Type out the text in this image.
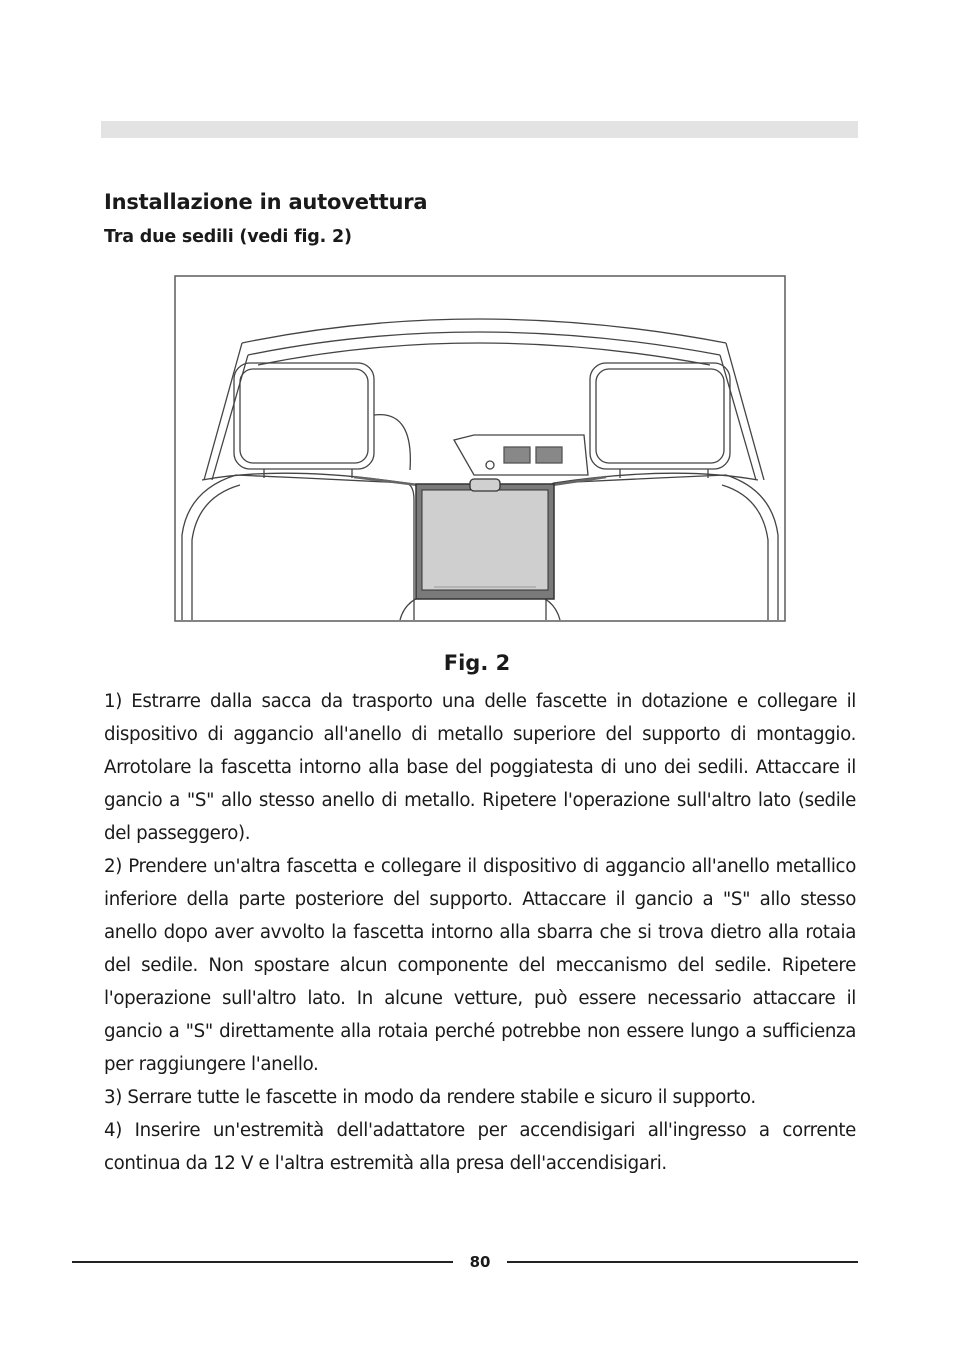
Installazione in autovettura
Tra due sedili (vedi fig. 2)
Fig. 2

1) Estrarre dalla sacca da trasporto una delle fascette in dotazione e collegare il dispositivo di aggancio all'anello di metallo superiore del supporto di montaggio. Arrotolare la fascetta intorno alla base del poggiatesta di uno dei sedili. Attaccare il gancio a "S" allo stesso anello di metallo. Ripetere l'operazione sull'altro lato (sedile del passeggero).

2) Prendere un'altra fascetta e collegare il dispositivo di aggancio all'anello metallico inferiore della parte posteriore del supporto. Attaccare il gancio a "S" allo stesso anello dopo aver avvolto la fascetta intorno alla sbarra che si trova dietro alla rotaia del sedile. Non spostare alcun componente del meccanismo del sedile. Ripetere l'operazione sull'altro lato. In alcune vetture, può essere necessario attaccare il gancio a "S" direttamente alla rotaia perché potrebbe non essere lungo a sufficienza per raggiungere l'anello.

3) Serrare tutte le fascette in modo da rendere stabile e sicuro il supporto.

4) Inserire un'estremità dell'adattatore per accendisigari all'ingresso a corrente continua da 12 V e l'altra estremità alla presa dell'accendisigari.

80
